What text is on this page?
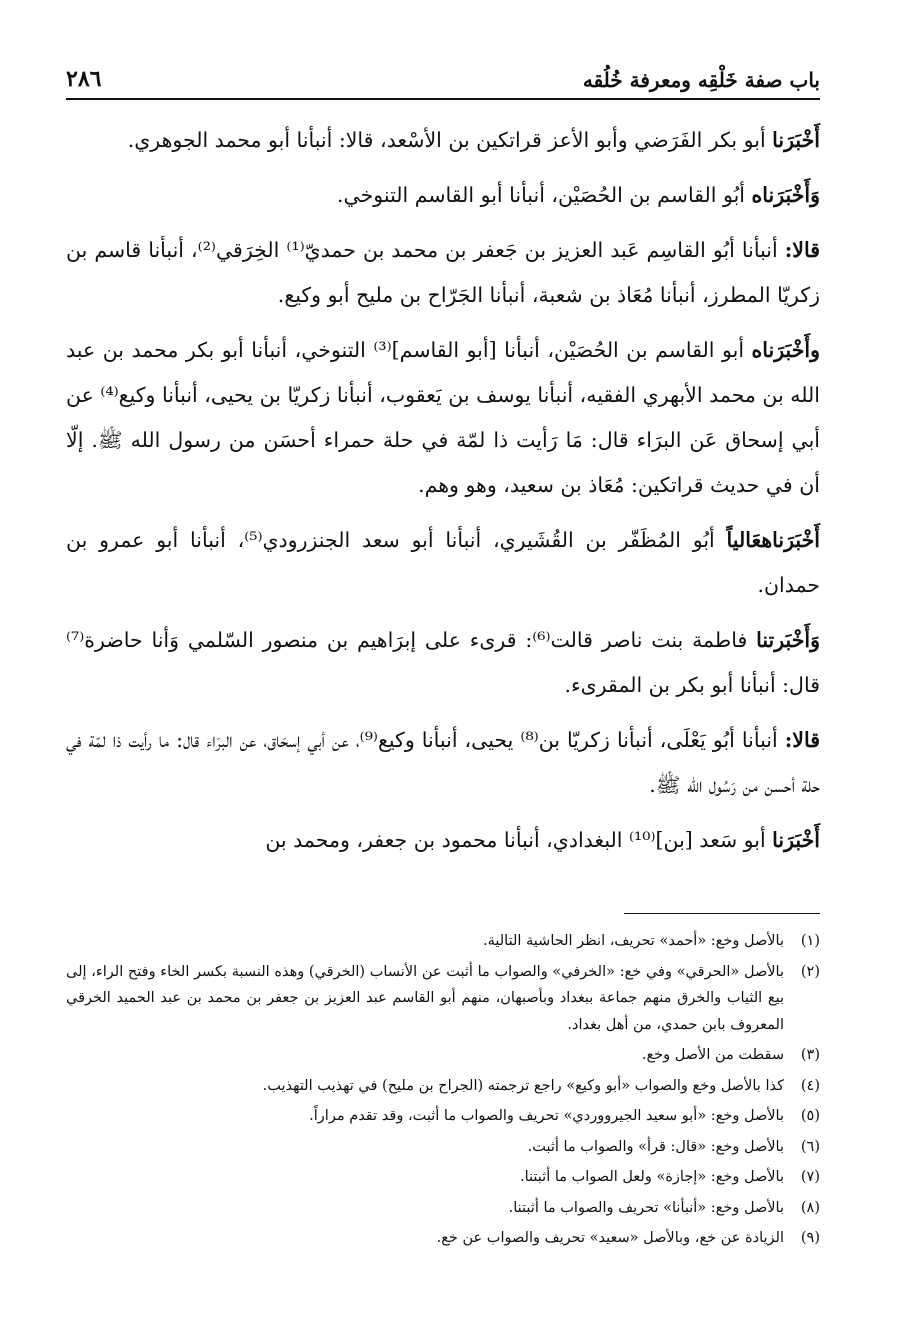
باب صفة خَلْقِه ومعرفة خُلُقه
٢٨٦

أَخْبَرَنا أبو بكر الفَرَضي وأبو الأعز قراتكين بن الأسْعد، قالا: أنبأنا أبو محمد الجوهري.

وَأَخْبَرَناه أبُو القاسم بن الحُصَيْن، أنبأنا أبو القاسم التنوخي.

قالا: أنبأنا أبُو القاسِم عَبد العزيز بن جَعفر بن محمد بن حمديّ⁽¹⁾ الخِرَقي⁽²⁾، أنبأنا قاسم بن زكريّا المطرز، أنبأنا مُعَاذ بن شعبة، أنبأنا الجَرّاح بن مليح أبو وكيع.

وأَخْبَرَناه أبو القاسم بن الحُصَيْن، أنبأنا [أبو القاسم]⁽³⁾ التنوخي، أنبأنا أبو بكر محمد بن عبد الله بن محمد الأبهري الفقيه، أنبأنا يوسف بن يَعقوب، أنبأنا زكريّا بن يحيى، أنبأنا وكيع⁽⁴⁾ عن أبي إسحاق عَن البرَاء قال: مَا رَأيت ذا لمّة في حلة حمراء أحسَن من رسول الله ﷺ. إلّا أن في حديث قراتكين: مُعَاذ بن سعيد، وهو وهم.

أَخْبَرَناهعَالياً أبُو المُظَفّر بن القُشَيري، أنبأنا أبو سعد الجنزرودي⁽⁵⁾، أنبأنا أبو عمرو بن حمدان.

وَأَخْبَرتنا فاطمة بنت ناصر قالت⁽⁶⁾: قرىء على إبرَاهيم بن منصور السّلمي وَأنا حاضرة⁽⁷⁾ قال: أنبأنا أبو بكر بن المقرىء.

قالا: أنبأنا أبُو يَعْلَى، أنبأنا زكريّا بن⁽⁸⁾ يحيى، أنبأنا وكيع⁽⁹⁾، عن أبي إسحَاق، عن البرَاء قال: ما رأيت ذا لمّة في حلة أحسن من رَسُول الله ﷺ.

أَخْبَرَنا أبو سَعد [بن]⁽¹⁰⁾ البغدادي، أنبأنا محمود بن جعفر، ومحمد بن

(١)
بالأصل وخع: «أحمد» تحريف، انظر الحاشية التالية.
(٢)
بالأصل «الحرقي» وفي خع: «الخرفي» والصواب ما أثبت عن الأنساب (الخرقي) وهذه النسبة بكسر الخاء وفتح الراء، إلى بيع الثياب والخرق منهم جماعة ببغداد وبأصبهان، منهم أبو القاسم عبد العزيز بن جعفر بن محمد بن عبد الحميد الخرقي المعروف بابن حمدي، من أهل بغداد.
(٣)
سقطت من الأصل وخع.
(٤)
كذا بالأصل وخع والصواب «أبو وكيع» راجع ترجمته (الجراح بن مليح) في تهذيب التهذيب.
(٥)
بالأصل وخع: «أبو سعيد الجيرووردي» تحريف والصواب ما أثبت، وقد تقدم مراراً.
(٦)
بالأصل وخع: «قال: قرأ» والصواب ما أثبت.
(٧)
بالأصل وخع: «إجازة» ولعل الصواب ما أثبتنا.
(٨)
بالأصل وخع: «أنبأنا» تحريف والصواب ما أثبتنا.
(٩)
الزيادة عن خع، وبالأصل «سعيد» تحريف والصواب عن خع.
